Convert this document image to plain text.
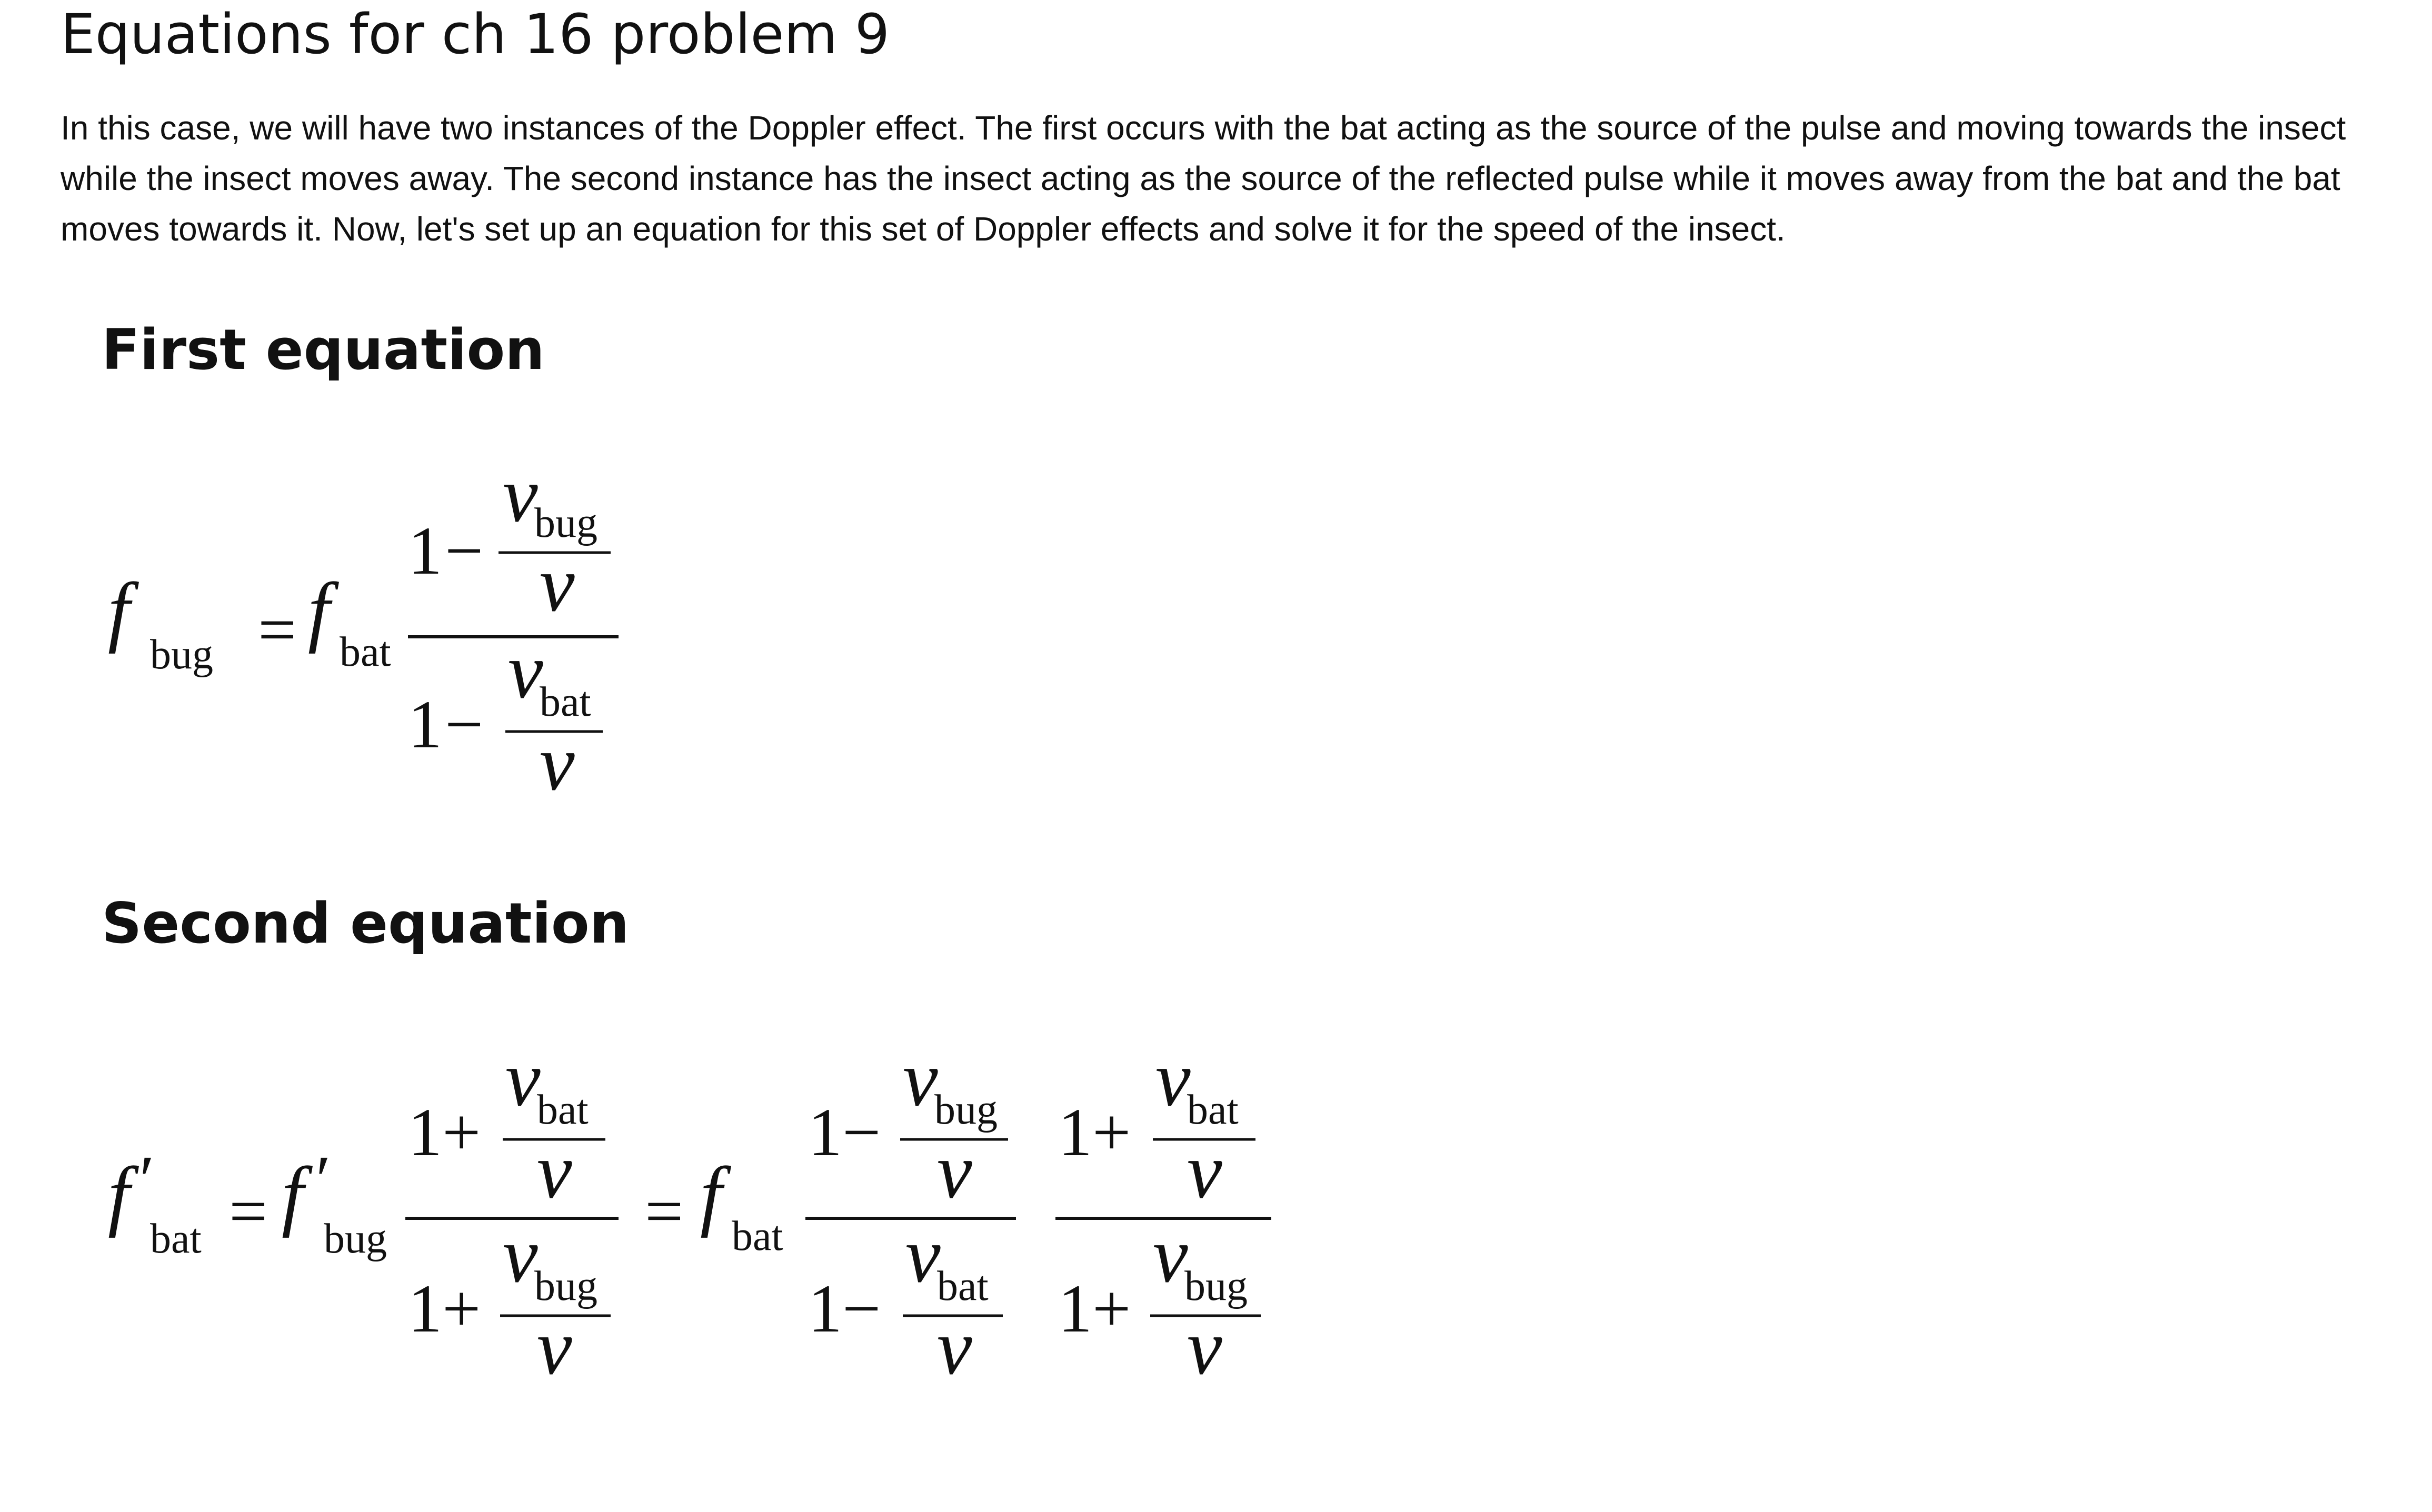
Equations for ch 16 problem 9

In this case, we will have two instances of the Doppler effect. The first occurs with the bat acting as the source of the pulse and moving towards the insect while the insect moves away. The second instance has the insect acting as the source of the reflected pulse while it moves away from the bat and the bat moves towards it. Now, let's set up an equation for this set of Doppler effects and solve it for the speed of the insect.

First equation
f
bug = f bat
1 −
v
bug
v
1 −
v
bat
v
Second equation
f ′
bat = f ′
bug
1 +
v
bat
v
1 +
v
bug
v
= f bat
1 −
v
bug
v
1 −
v
bat
v
1 +
v
bat
v
1 +
v
bug
v
